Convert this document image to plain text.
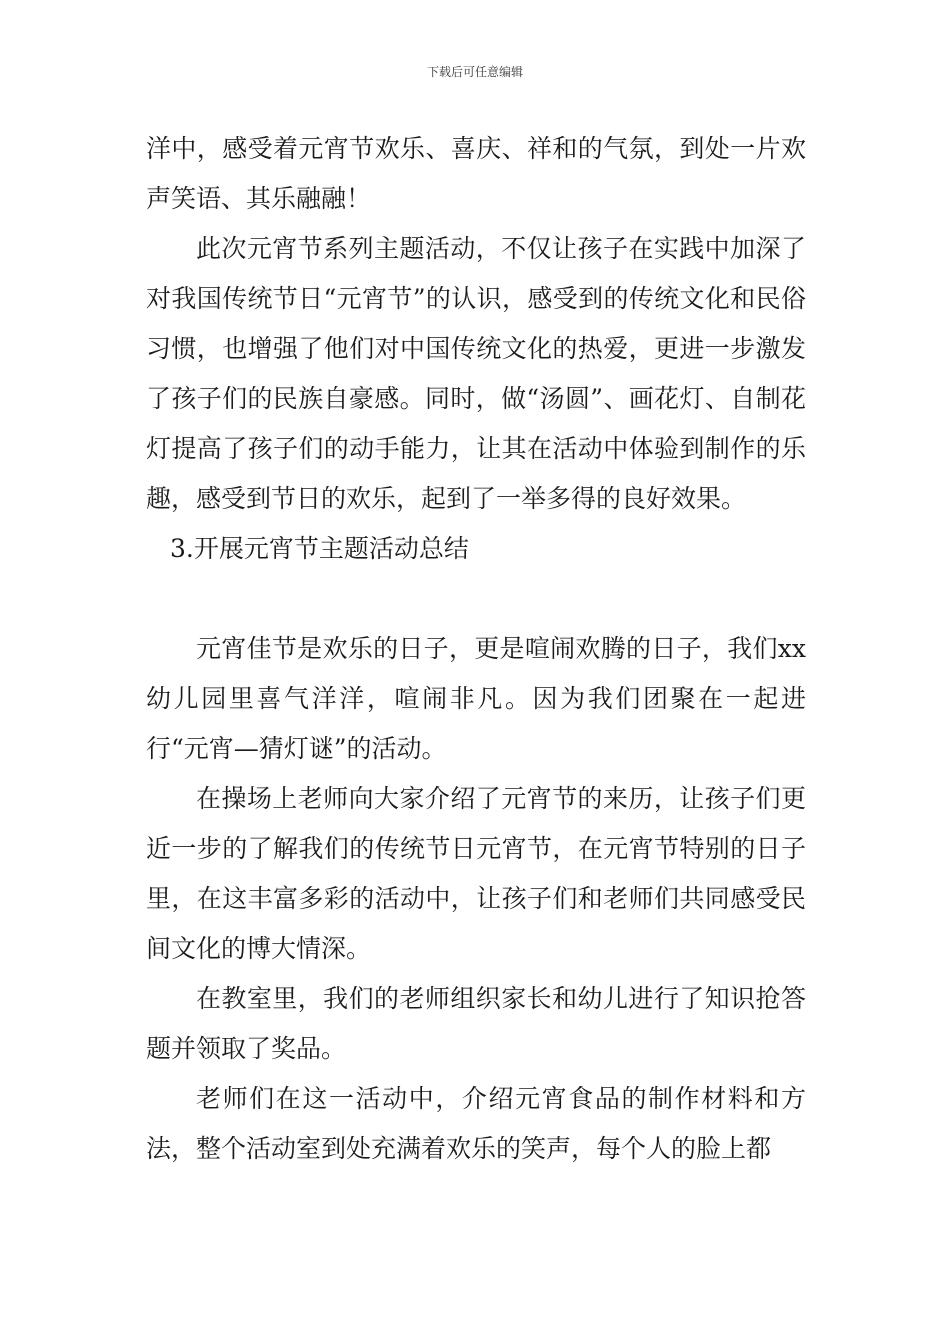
下载后可任意编辑

洋中，感受着元宵节欢乐、喜庆、祥和的气氛，到处一片欢声笑语、其乐融融！

此次元宵节系列主题活动，不仅让孩子在实践中加深了对我国传统节日“元宵节”的认识，感受到的传统文化和民俗习惯，也增强了他们对中国传统文化的热爱，更进一步激发了孩子们的民族自豪感。同时，做“汤圆”、画花灯、自制花灯提高了孩子们的动手能力，让其在活动中体验到制作的乐趣，感受到节日的欢乐，起到了一举多得的良好效果。

3.开展元宵节主题活动总结

元宵佳节是欢乐的日子，更是喧闹欢腾的日子，我们xx幼儿园里喜气洋洋，喧闹非凡。因为我们团聚在一起进行“元宵—猜灯谜”的活动。

在操场上老师向大家介绍了元宵节的来历，让孩子们更近一步的了解我们的传统节日元宵节，在元宵节特别的日子里，在这丰富多彩的活动中，让孩子们和老师们共同感受民间文化的博大情深。

在教室里，我们的老师组织家长和幼儿进行了知识抢答题并领取了奖品。

老师们在这一活动中，介绍元宵食品的制作材料和方法，整个活动室到处充满着欢乐的笑声，每个人的脸上都
